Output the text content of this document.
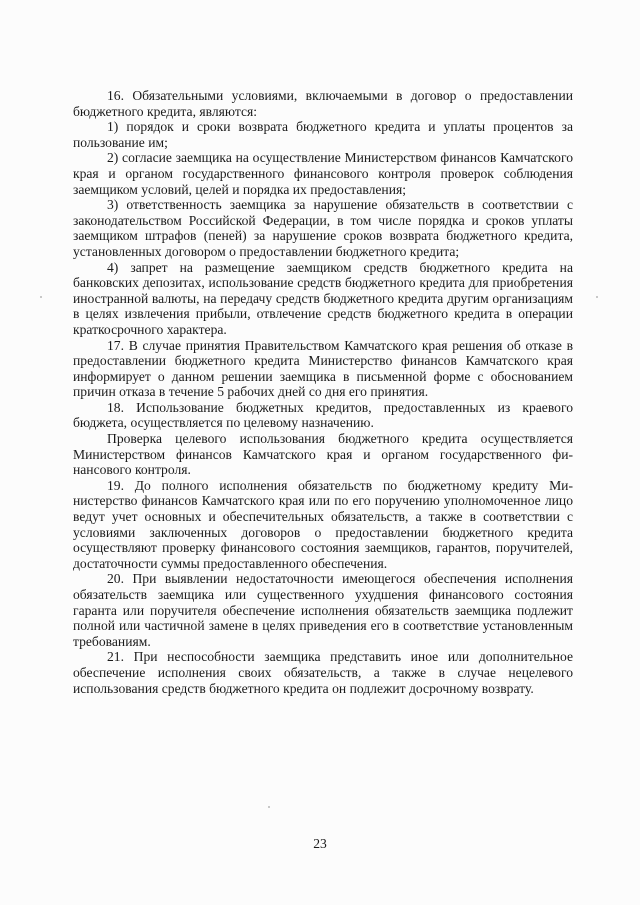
16. Обязательными условиями, включаемыми в договор о предоставлении бюджетного кредита, являются:

1) порядок и сроки возврата бюджетного кредита и уплаты процентов за пользование им;

2) согласие заемщика на осуществление Министерством финансов Камчатского края и органом государственного финансового контроля проверок соблюдения заемщиком условий, целей и порядка их предоставления;

3) ответственность заемщика за нарушение обязательств в соответствии с законодательством Российской Федерации, в том числе порядка и сроков уплаты заемщиком штрафов (пеней) за нарушение сроков возврата бюджетного кредита, установленных договором о предоставлении бюджетного кредита;

4) запрет на размещение заемщиком средств бюджетного кредита на банковских депозитах, использование средств бюджетного кредита для приобретения иностранной валюты, на передачу средств бюджетного кредита другим организациям в целях извлечения прибыли, отвлечение средств бюджетного кредита в операции краткосрочного характера.

17. В случае принятия Правительством Камчатского края решения об отказе в предоставлении бюджетного кредита Министерство финансов Камчатского края информирует о данном решении заемщика в письменной форме с обоснованием причин отказа в течение 5 рабочих дней со дня его принятия.

18. Использование бюджетных кредитов, предоставленных из краевого бюджета, осуществляется по целевому назначению.

Проверка целевого использования бюджетного кредита осуществляется Министерством финансов Камчатского края и органом государственного финансового контроля.

19. До полного исполнения обязательств по бюджетному кредиту Министерство финансов Камчатского края или по его поручению уполномоченное лицо ведут учет основных и обеспечительных обязательств, а также в соответствии с условиями заключенных договоров о предоставлении бюджетного кредита осуществляют проверку финансового состояния заемщиков, гарантов, поручителей, достаточности суммы предоставленного обеспечения.

20. При выявлении недостаточности имеющегося обеспечения исполнения обязательств заемщика или существенного ухудшения финансового состояния гаранта или поручителя обеспечение исполнения обязательств заемщика подлежит полной или частичной замене в целях приведения его в соответствие установленным требованиям.

21. При неспособности заемщика представить иное или дополнительное обеспечение исполнения своих обязательств, а также в случае нецелевого использования средств бюджетного кредита он подлежит досрочному возврату.

23
